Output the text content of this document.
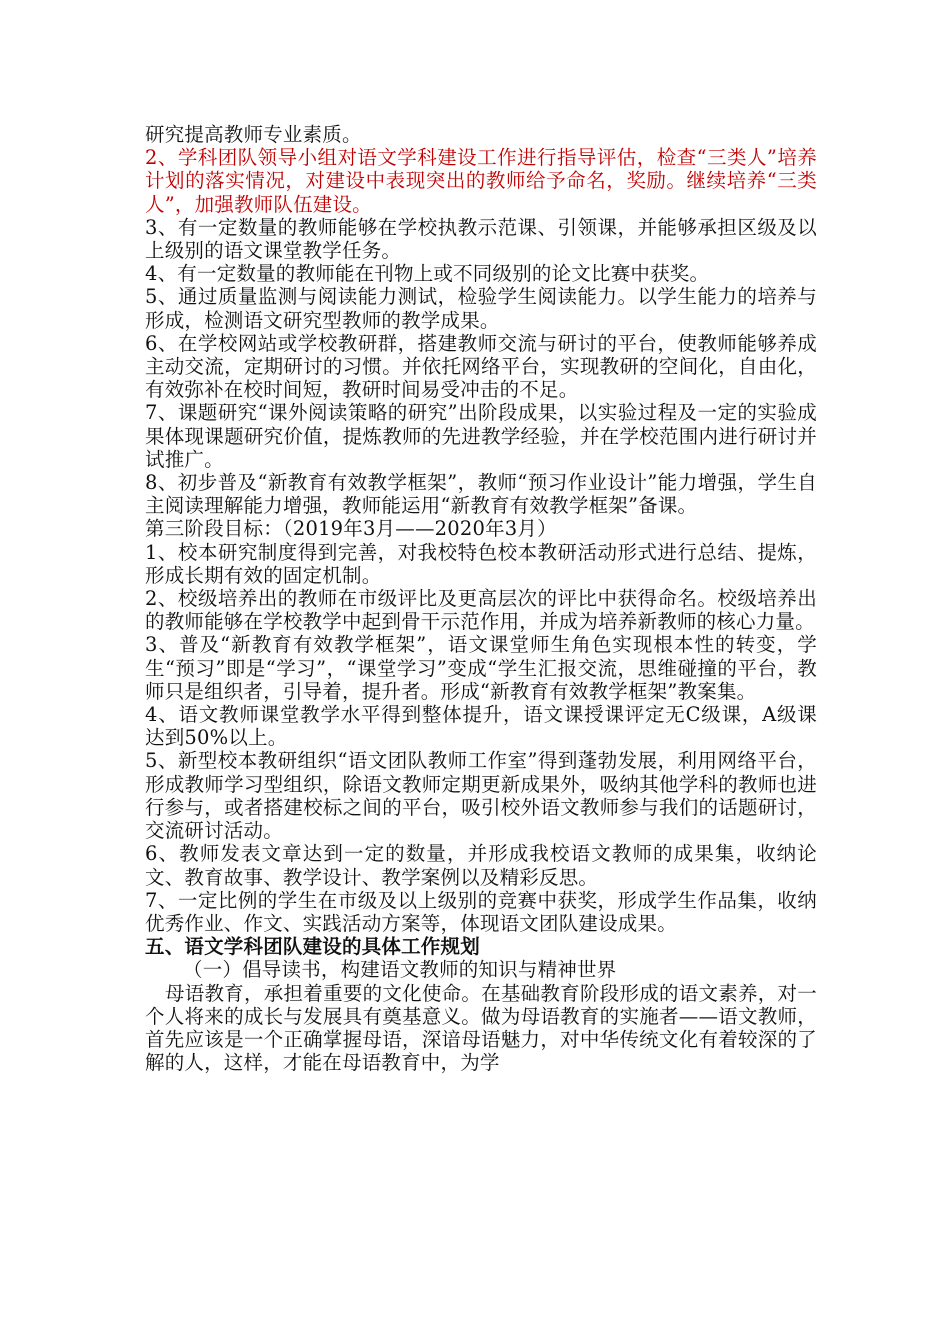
研究提高教师专业素质。

2、学科团队领导小组对语文学科建设工作进行指导评估，检查“三类人”培养计划的落实情况，对建设中表现突出的教师给予命名，奖励。继续培养“三类人”，加强教师队伍建设。

3、有一定数量的教师能够在学校执教示范课、引领课，并能够承担区级及以上级别的语文课堂教学任务。

4、有一定数量的教师能在刊物上或不同级别的论文比赛中获奖。

5、通过质量监测与阅读能力测试，检验学生阅读能力。以学生能力的培养与形成，检测语文研究型教师的教学成果。

6、在学校网站或学校教研群，搭建教师交流与研讨的平台，使教师能够养成主动交流，定期研讨的习惯。并依托网络平台，实现教研的空间化，自由化，有效弥补在校时间短，教研时间易受冲击的不足。

7、课题研究“课外阅读策略的研究”出阶段成果，以实验过程及一定的实验成果体现课题研究价值，提炼教师的先进教学经验，并在学校范围内进行研讨并试推广。

8、初步普及“新教育有效教学框架”，教师“预习作业设计”能力增强，学生自主阅读理解能力增强，教师能运用“新教育有效教学框架”备课。

第三阶段目标：（2019年3月——2020年3月）

1、校本研究制度得到完善，对我校特色校本教研活动形式进行总结、提炼，形成长期有效的固定机制。

2、校级培养出的教师在市级评比及更高层次的评比中获得命名。校级培养出的教师能够在学校教学中起到骨干示范作用，并成为培养新教师的核心力量。

3、普及“新教育有效教学框架”，语文课堂师生角色实现根本性的转变，学生“预习”即是“学习”，“课堂学习”变成“学生汇报交流，思维碰撞的平台，教师只是组织者，引导着，提升者。形成“新教育有效教学框架”教案集。

4、语文教师课堂教学水平得到整体提升，语文课授课评定无C级课，A级课达到50%以上。

5、新型校本教研组织“语文团队教师工作室”得到蓬勃发展，利用网络平台，形成教师学习型组织，除语文教师定期更新成果外，吸纳其他学科的教师也进行参与，或者搭建校标之间的平台，吸引校外语文教师参与我们的话题研讨，交流研讨活动。

6、教师发表文章达到一定的数量，并形成我校语文教师的成果集，收纳论文、教育故事、教学设计、教学案例以及精彩反思。

7、一定比例的学生在市级及以上级别的竞赛中获奖，形成学生作品集，收纳优秀作业、作文、实践活动方案等，体现语文团队建设成果。

五、语文学科团队建设的具体工作规划

（一）倡导读书，构建语文教师的知识与精神世界

母语教育，承担着重要的文化使命。在基础教育阶段形成的语文素养，对一个人将来的成长与发展具有奠基意义。做为母语教育的实施者——语文教师，首先应该是一个正确掌握母语，深谙母语魅力，对中华传统文化有着较深的了解的人，这样，才能在母语教育中，为学
